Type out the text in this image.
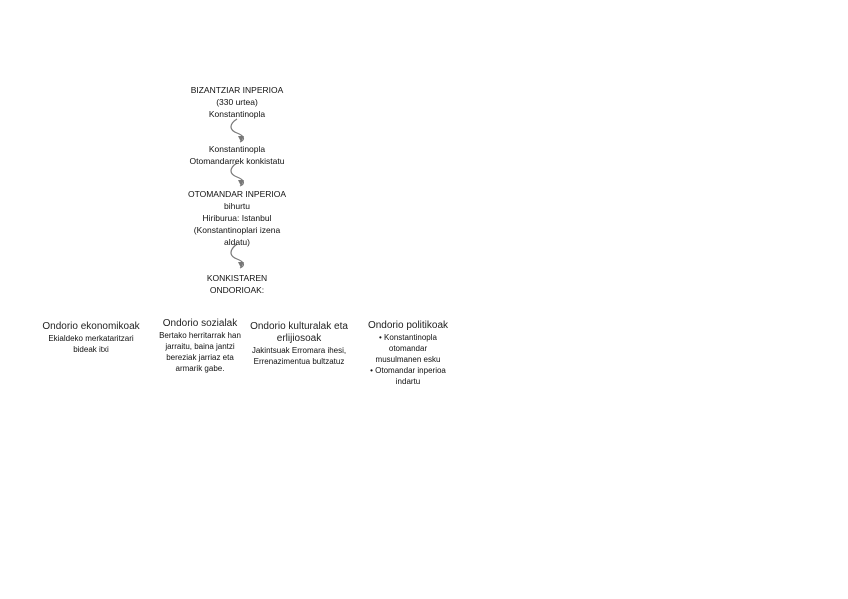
BIZANTZIAR INPERIOA
(330 urtea)
Konstantinopla
Konstantinopla
Otomandarrek konkistatu
OTOMANDAR INPERIOA
bihurtu
Hiriburua: Istanbul
(Konstantinoplari izena
aldatu)
KONKISTAREN
ONDORIOAK:
Ondorio ekonomikoak
Ekialdeko merkataritzari
bideak itxi
Ondorio sozialak
Bertako herritarrak han
jarraitu, baina jantzi
bereziak jarriaz eta
armarik gabe.
Ondorio kulturalak eta
erlijiosoak
Jakintsuak Erromara ihesi,
Errenazimentua bultzatuz
Ondorio politikoak
• Konstantinopla
otomandar
musulmanen esku
• Otomandar inperioa
indartu
